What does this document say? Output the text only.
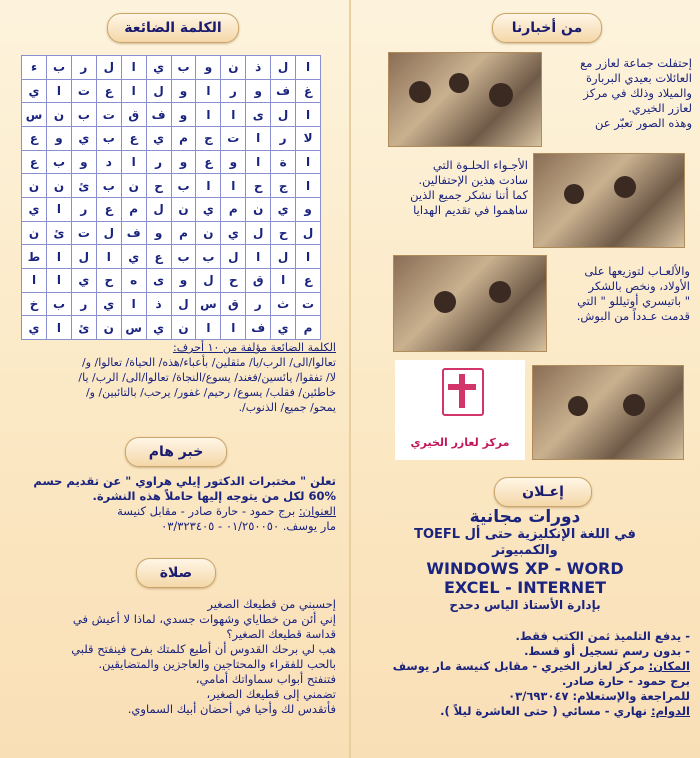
الكلمة الضائعة
ا	ل	ذ	ن	و	ب	ي	ا	ل	ر	ب	ء
غ	ف	و	ر	ا	و	ل	ا	ع	ت	ا	ي
ا	ل	ى	ا	ا	و	ف	ق	ت	ب	ن	س
لا	ر	ا	ت	ج	م	ي	ع	ب	ي	و	ع
ا	ة	ا	و	ع	و	ر	ا	د	و	ب	ع
ا	ج	ح	ا	ا	ب	ح	ن	ب	ئ	ن	ن
و	ي	ن	م	ي	ن	ل	م	ع	ر	ا	ي
ل	ح	ل	ي	ن	م	و	ف	ل	ت	ئ	ن
ا	ل	ا	ل	ب	ب	ع	ي	ا	ل	ا	ط
ع	ا	ق	ح	ل	و	ى	ه	ح	ي	ا	ا
ت	ث	ر	ق	س	ل	ذ	ا	ي	ر	ب	خ
م	ي	ف	ا	ا	ن	ي	س	ن	ئ	ا	ي
الكلمة الضائعة مؤلفة من ١٠ أحرف:
تعالوا/الى/ الرب/يا/ مثقلين/ بأعباء/هذه/ الحياة/ تعالوا/ و/
لا/ تفقوا/ يائسين/فغند/ يسوع/النجاة/ تعالوا/الى/ الرب/ يا/
خاطئين/ فقلب/ يسوع/ رحيم/ غفور/ يرحب/ بالتائبين/ و/
يمحو/ جميع/ الذنوب/.
خبر هام
تعلن " مختبرات الدكتور إيلي هراوي " عن تقديم حسم
60% لكل من يتوجه إليها حاملاً هذه النشرة.
العنوان: برج حمود - حارة صادر - مقابل كنيسة
مار يوسف. ٠١/٢٥٠٠٥٠ - ٠٣/٣٢٣٤٠٥
صلاة
إحسبني من قطيعك الصغير
إني أئن من خطاياي وشهوات جسدي، لماذا لا أعيش في
قداسة قطيعك الصغير؟
هب لي برحك القدوس أن أطيع كلمتك بفرح فينفتح قلبي
بالحب للفقراء والمحتاجين والعاجزين والمتضايقين.
فتنفتح أبواب سماواتك أمامي،
تضمني إلى قطيعك الصغير،
فأتقدس لك وأحيا في أحضان أبيك السماوي.
من أخبارنا
إحتفلت جماعة لعازر مع
العائلات بعيدي البربارة
والميلاد وذلك في مركز
لعازر الخيري.
وهذه الصور تعبّر عن
الأجـواء الحلـوة التي
سادت هذين الإحتفالين.
كما أننا نشكر جميع الذين
ساهموا في تقديم الهدايا
والألعـاب لتوزيعها على
الأولاد، ونخص بالشكر
" باتيسري أوتيللو " التي
قدمت عـدداً من البوش.
مركز لعازر الخيري
إعـلان
دورات مجانية
في اللغة الإنكليزية حتى أل TOEFL
والكمبيوتر
WINDOWS XP - WORD
EXCEL - INTERNET
بإدارة الأستاذ الياس دحدح
- يدفع التلميذ ثمن الكتب فقط.
- بدون رسم تسجيل أو قسط.
المكان: مركز لعازر الخيري - مقابل كنيسة مار يوسف
برج حمود - حارة صادر.
للمراجعة والإستعلام: ٠٣/٦٩٣٠٤٧
الدوام: نهاري - مسائي ( حتى العاشرة ليلاً ).
